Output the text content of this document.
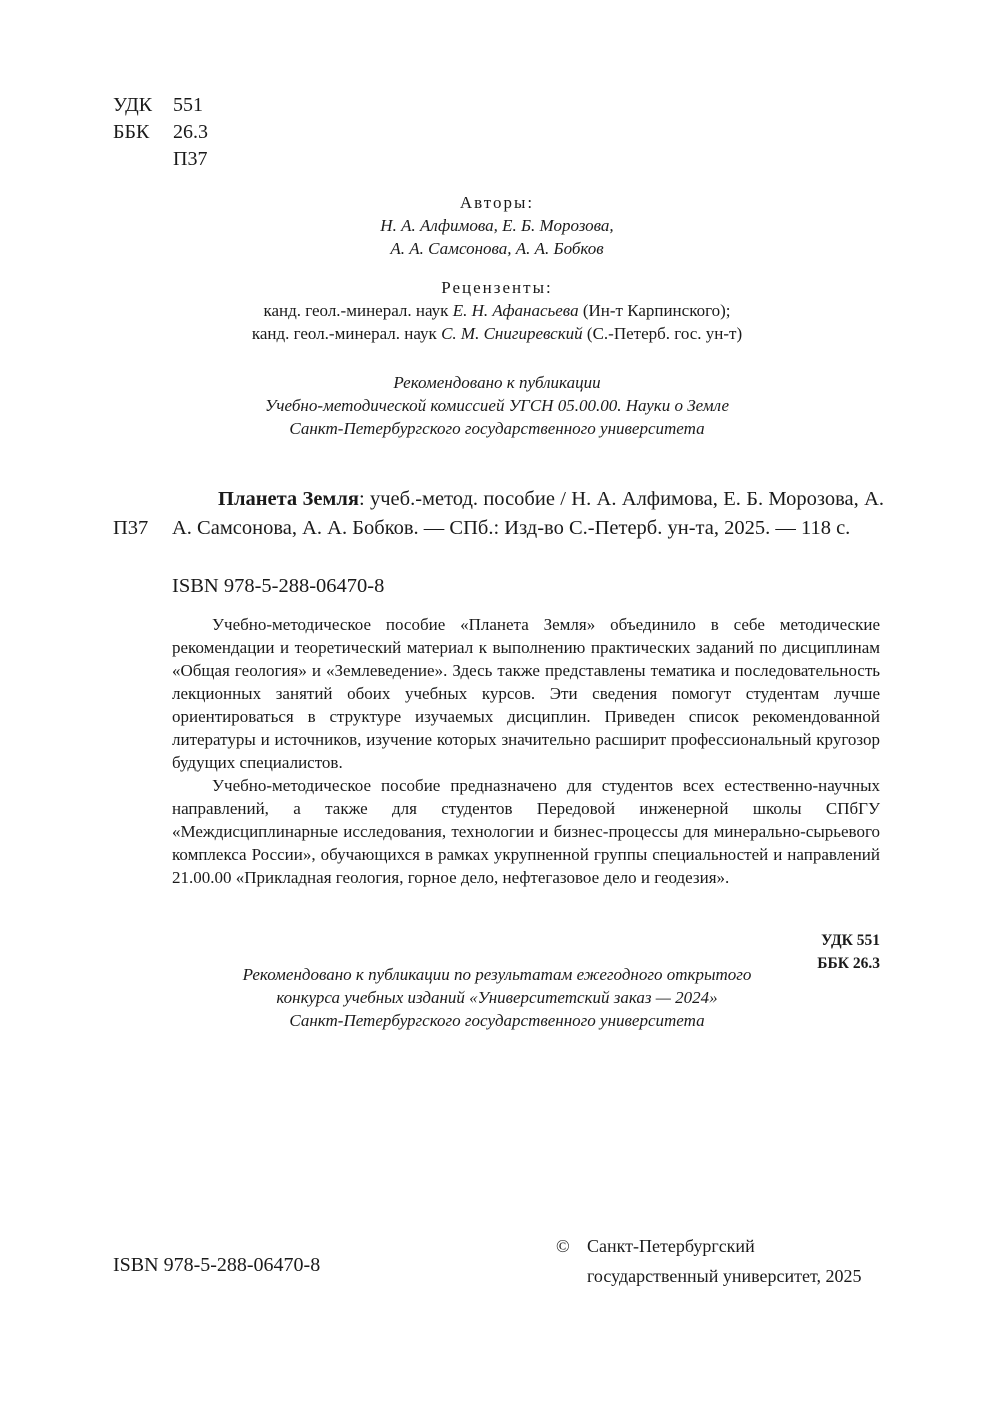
УДК	551
ББК	26.3
П37
Авторы:
Н. А. Алфимова, Е. Б. Морозова,
А. А. Самсонова, А. А. Бобков
Рецензенты:
канд. геол.-минерал. наук Е. Н. Афанасьева (Ин-т Карпинского);
канд. геол.-минерал. наук С. М. Снигиревский (С.-Петерб. гос. ун-т)
Рекомендовано к публикации
Учебно-методической комиссией УГСН 05.00.00. Науки о Земле
Санкт-Петербургского государственного университета
П37
Планета Земля: учеб.-метод. пособие / Н. А. Алфимова, Е. Б. Морозова, А. А. Самсонова, А. А. Бобков. — СПб.: Изд-во С.-Петерб. ун-та, 2025. — 118 с.
ISBN 978-5-288-06470-8

Учебно-методическое пособие «Планета Земля» объединило в себе методические рекомендации и теоретический материал к выполнению практических заданий по дисциплинам «Общая геология» и «Землеведение». Здесь также представлены тематика и последовательность лекционных занятий обоих учебных курсов. Эти сведения помогут студентам лучше ориентироваться в структуре изучаемых дисциплин. Приведен список рекомендованной литературы и источников, изучение которых значительно расширит профессиональный кругозор будущих специалистов.

Учебно-методическое пособие предназначено для студентов всех естественно-научных направлений, а также для студентов Передовой инженерной школы СПбГУ «Междисциплинарные исследования, технологии и бизнес-процессы для минерально-сырьевого комплекса России», обучающихся в рамках укрупненной группы специальностей и направлений 21.00.00 «Прикладная геология, горное дело, нефтегазовое дело и геодезия».

УДК 551
ББК 26.3
Рекомендовано к публикации по результатам ежегодного открытого
конкурса учебных изданий «Университетский заказ — 2024»
Санкт-Петербургского государственного университета
ISBN 978-5-288-06470-8
© Санкт-Петербургский
государственный университет, 2025
